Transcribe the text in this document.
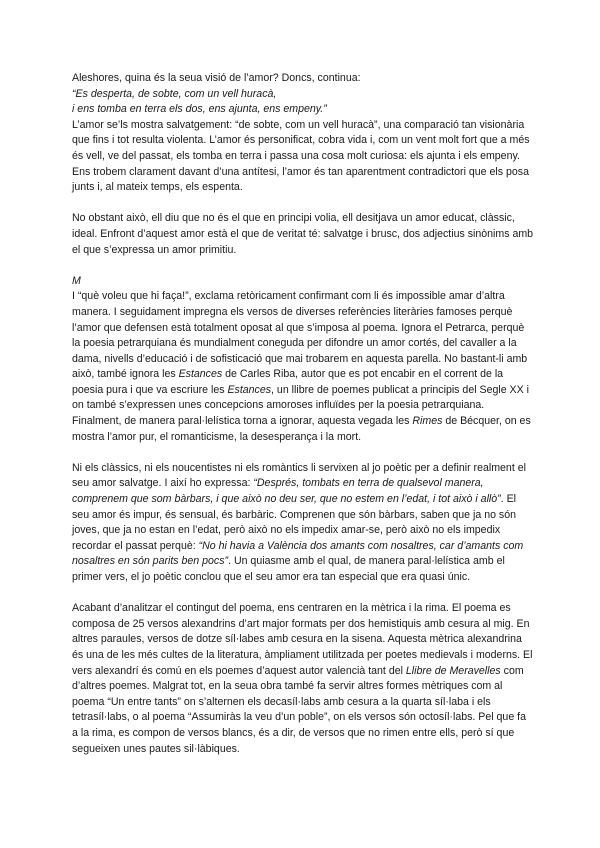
Aleshores, quina és la seua visió de l’amor? Doncs, continua:

“Es desperta, de sobte, com un vell huracà,

i ens tomba en terra els dos, ens ajunta, ens empeny.”

L’amor se’ls mostra salvatgement: “de sobte, com un vell huracà”, una comparació tan visionària que fins i tot resulta violenta. L’amor és personificat, cobra vida i, com un vent molt fort que a més és vell, ve del passat, els tomba en terra i passa una cosa molt curiosa: els ajunta i els empeny. Ens trobem clarament davant d’una antítesi, l’amor és tan aparentment contradictori que els posa junts i, al mateix temps, els espenta.

No obstant això, ell diu que no és el que en principi volia, ell desitjava un amor educat, clàssic, ideal. Enfront d’aquest amor està el que de veritat té: salvatge i brusc, dos adjectius sinònims amb el que s’expressa un amor primitiu.

M

I “què voleu que hi faça!”, exclama retòricament confirmant com li és impossible amar d’altra manera. I seguidament impregna els versos de diverses referències literàries famoses perquè l’amor que defensen està totalment oposat al que s’imposa al poema. Ignora el Petrarca, perquè la poesia petrarquiana és mundialment coneguda per difondre un amor cortés, del cavaller a la dama, nivells d’educació i de sofisticació que mai trobarem en aquesta parella. No bastant-li amb això, també ignora les Estances de Carles Riba, autor que es pot encabir en el corrent de la poesia pura i que va escriure les Estances, un llibre de poemes publicat a principis del Segle XX i on també s’expressen unes concepcions amoroses influïdes per la poesia petrarquiana. Finalment, de manera paral·lelística torna a ignorar, aquesta vegada les Rimes de Bécquer, on es mostra l’amor pur, el romanticisme, la desesperança i la mort.

Ni els clàssics, ni els noucentistes ni els romàntics li servixen al jo poètic per a definir realment el seu amor salvatge. I així ho expressa: “Després, tombats en terra de qualsevol manera, comprenem que som bàrbars, i que això no deu ser, que no estem en l’edat, i tot això i allò”. El seu amor és impur, és sensual, és barbàric. Comprenen que són bàrbars, saben que ja no són joves, que ja no estan en l’edat, però això no els impedix amar-se, però això no els impedix recordar el passat perquè: “No hi havia a València dos amants com nosaltres, car d’amants com nosaltres en són parits ben pocs”. Un quiasme amb el qual, de manera paral·lelística amb el primer vers, el jo poètic conclou que el seu amor era tan especial que era quasi únic.

Acabant d’analitzar el contingut del poema, ens centraren en la mètrica i la rima. El poema es composa de 25 versos alexandrins d’art major formats per dos hemistiquis amb cesura al mig. En altres paraules, versos de dotze síl·labes amb cesura en la sisena. Aquesta mètrica alexandrina és una de les més cultes de la literatura, àmpliament utilitzada per poetes medievals i moderns. El vers alexandrí és comú en els poemes d’aquest autor valencià tant del Llibre de Meravelles com d’altres poemes. Malgrat tot, en la seua obra també fa servir altres formes mètriques com al poema “Un entre tants” on s’alternen els decasíl·labs amb cesura a la quarta síl·laba i els tetrasíl·labs, o al poema “Assumiràs la veu d’un poble”, on els versos són octosíl·labs. Pel que fa a la rima, es compon de versos blancs, és a dir, de versos que no rimen entre ells, però sí que segueixen unes pautes sil·làbiques.
